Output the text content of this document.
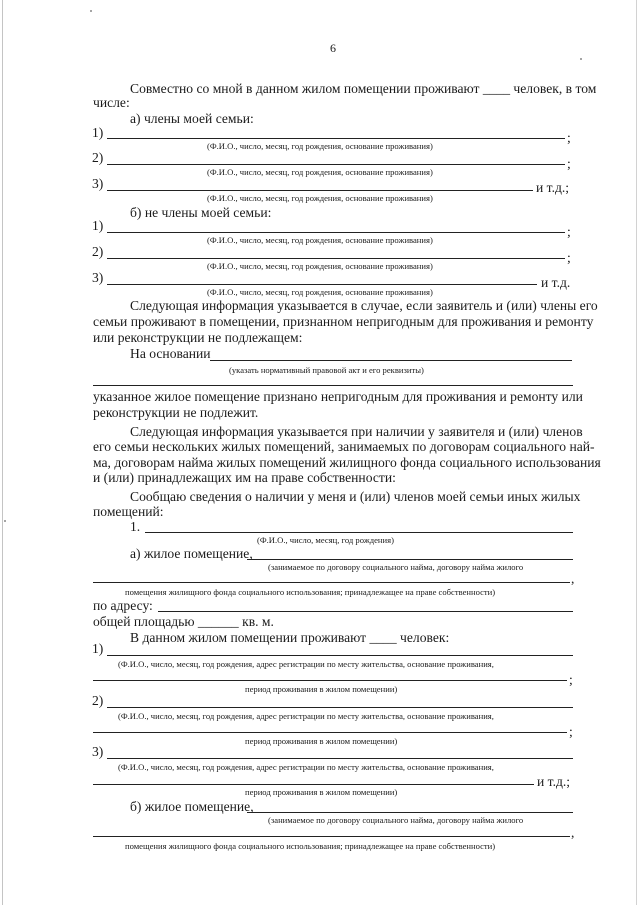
6
Совместно со мной в данном жилом помещении проживают ____ человек, в том
числе:
а) члены моей семьи:
1)	;
(Ф.И.О., число, месяц, год рождения, основание проживания)
2)	;
(Ф.И.О., число, месяц, год рождения, основание проживания)
3)	и т.д.;
(Ф.И.О., число, месяц, год рождения, основание проживания)
б) не члены моей семьи:
1)	;
(Ф.И.О., число, месяц, год рождения, основание проживания)
2)	;
(Ф.И.О., число, месяц, год рождения, основание проживания)
3)	и т.д.
(Ф.И.О., число, месяц, год рождения, основание проживания)
Следующая информация указывается в случае, если заявитель и (или) члены его
семьи проживают в помещении, признанном непригодным для проживания и ремонту
или реконструкции не подлежащем:
На основании
(указать нормативный правовой акт и его реквизиты)
указанное жилое помещение признано непригодным для проживания и ремонту или
реконструкции не подлежит.
Следующая информация указывается при наличии у заявителя и (или) членов
его семьи нескольких жилых помещений, занимаемых по договорам социального най-
ма, договорам найма жилых помещений жилищного фонда социального использования
и (или) принадлежащих им на праве собственности:
Сообщаю сведения о наличии у меня и (или) членов моей семьи иных жилых
помещений:
1.
(Ф.И.О., число, месяц, год рождения)
а) жилое помещение,
(занимаемое по договору социального найма, договору найма жилого
,
помещения жилищного фонда социального использования; принадлежащее на праве собственности)
по адресу:
общей площадью ______ кв. м.
В данном жилом помещении проживают ____ человек:
1)
(Ф.И.О., число, месяц, год рождения, адрес регистрации по месту жительства, основание проживания,
;
период проживания в жилом помещении)
2)
(Ф.И.О., число, месяц, год рождения, адрес регистрации по месту жительства, основание проживания,
;
период проживания в жилом помещении)
3)
(Ф.И.О., число, месяц, год рождения, адрес регистрации по месту жительства, основание проживания,
и т.д.;
период проживания в жилом помещении)
б) жилое помещение,
(занимаемое по договору социального найма, договору найма жилого
,
помещения жилищного фонда социального использования; принадлежащее на праве собственности)
